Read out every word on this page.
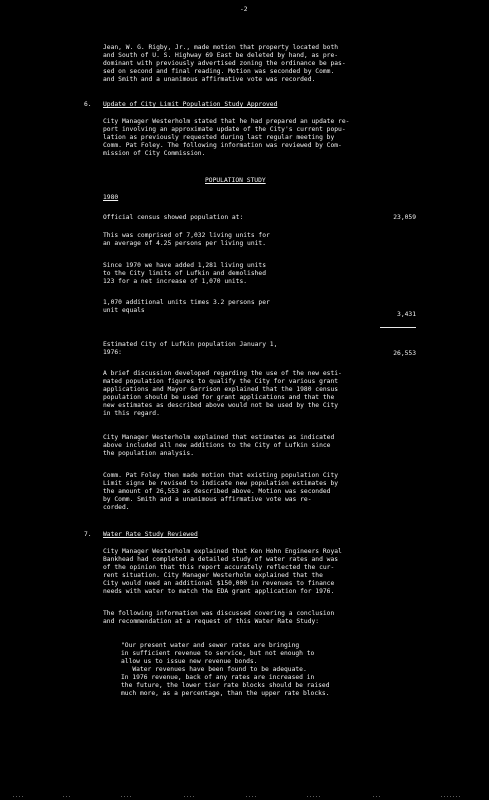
-2
Jean, W. G. Rigby, Jr., made motion that property located both
and South of U. S. Highway 69 East be deleted by hand, as pre-
dominant with previously advertised zoning the ordinance be pas-
sed on second and final reading. Motion was seconded by Comm.
and Smith and a unanimous affirmative vote was recorded.
6. Update of City Limit Population Study Approved
City Manager Westerholm stated that he had prepared an update re-
port involving an approximate update of the City's current popu-
lation as previously requested during last regular meeting by
Comm. Pat Foley. The following information was reviewed by Com-
mission of City Commission.
POPULATION STUDY
1980
Official census showed population at:	23,059
This was comprised of 7,032 living units for
an average of 4.25 persons per living unit.
Since 1970 we have added 1,281 living units
to the City limits of Lufkin and demolished
123 for a net increase of 1,070 units.
1,070 additional units times 3.2 persons per
unit equals
3,431
Estimated City of Lufkin population January 1,
1976:	26,553
A brief discussion developed regarding the use of the new esti-
mated population figures to qualify the City for various grant
applications and Mayor Garrison explained that the 1980 census
population should be used for grant applications and that the
new estimates as described above would not be used by the City
in this regard.
City Manager Westerholm explained that estimates as indicated
above included all new additions to the City of Lufkin since
the population analysis.
Comm. Pat Foley then made motion that existing population City
Limit signs be revised to indicate new population estimates by
the amount of 26,553 as described above. Motion was seconded
by Comm. Smith and a unanimous affirmative vote was re-
corded.
7. Water Rate Study Reviewed
City Manager Westerholm explained that Ken Hohn Engineers Royal
Bankhead had completed a detailed study of water rates and was
of the opinion that this report accurately reflected the cur-
rent situation. City Manager Westerholm explained that the
City would need an additional $150,000 in revenues to finance
needs with water to match the EDA grant application for 1976.
The following information was discussed covering a conclusion
and recommendation at a request of this Water Rate Study:
"Our present water and sewer rates are bringing
in sufficient revenue to service, but not enough to
allow us to issue new revenue bonds.
Water revenues have been found to be adequate.
In 1976 revenue, back of any rates are increased in
the future, the lower tier rate blocks should be raised
much more, as a percentage, than the upper rate blocks.
....	...	....	....	....	.....	...	.......
